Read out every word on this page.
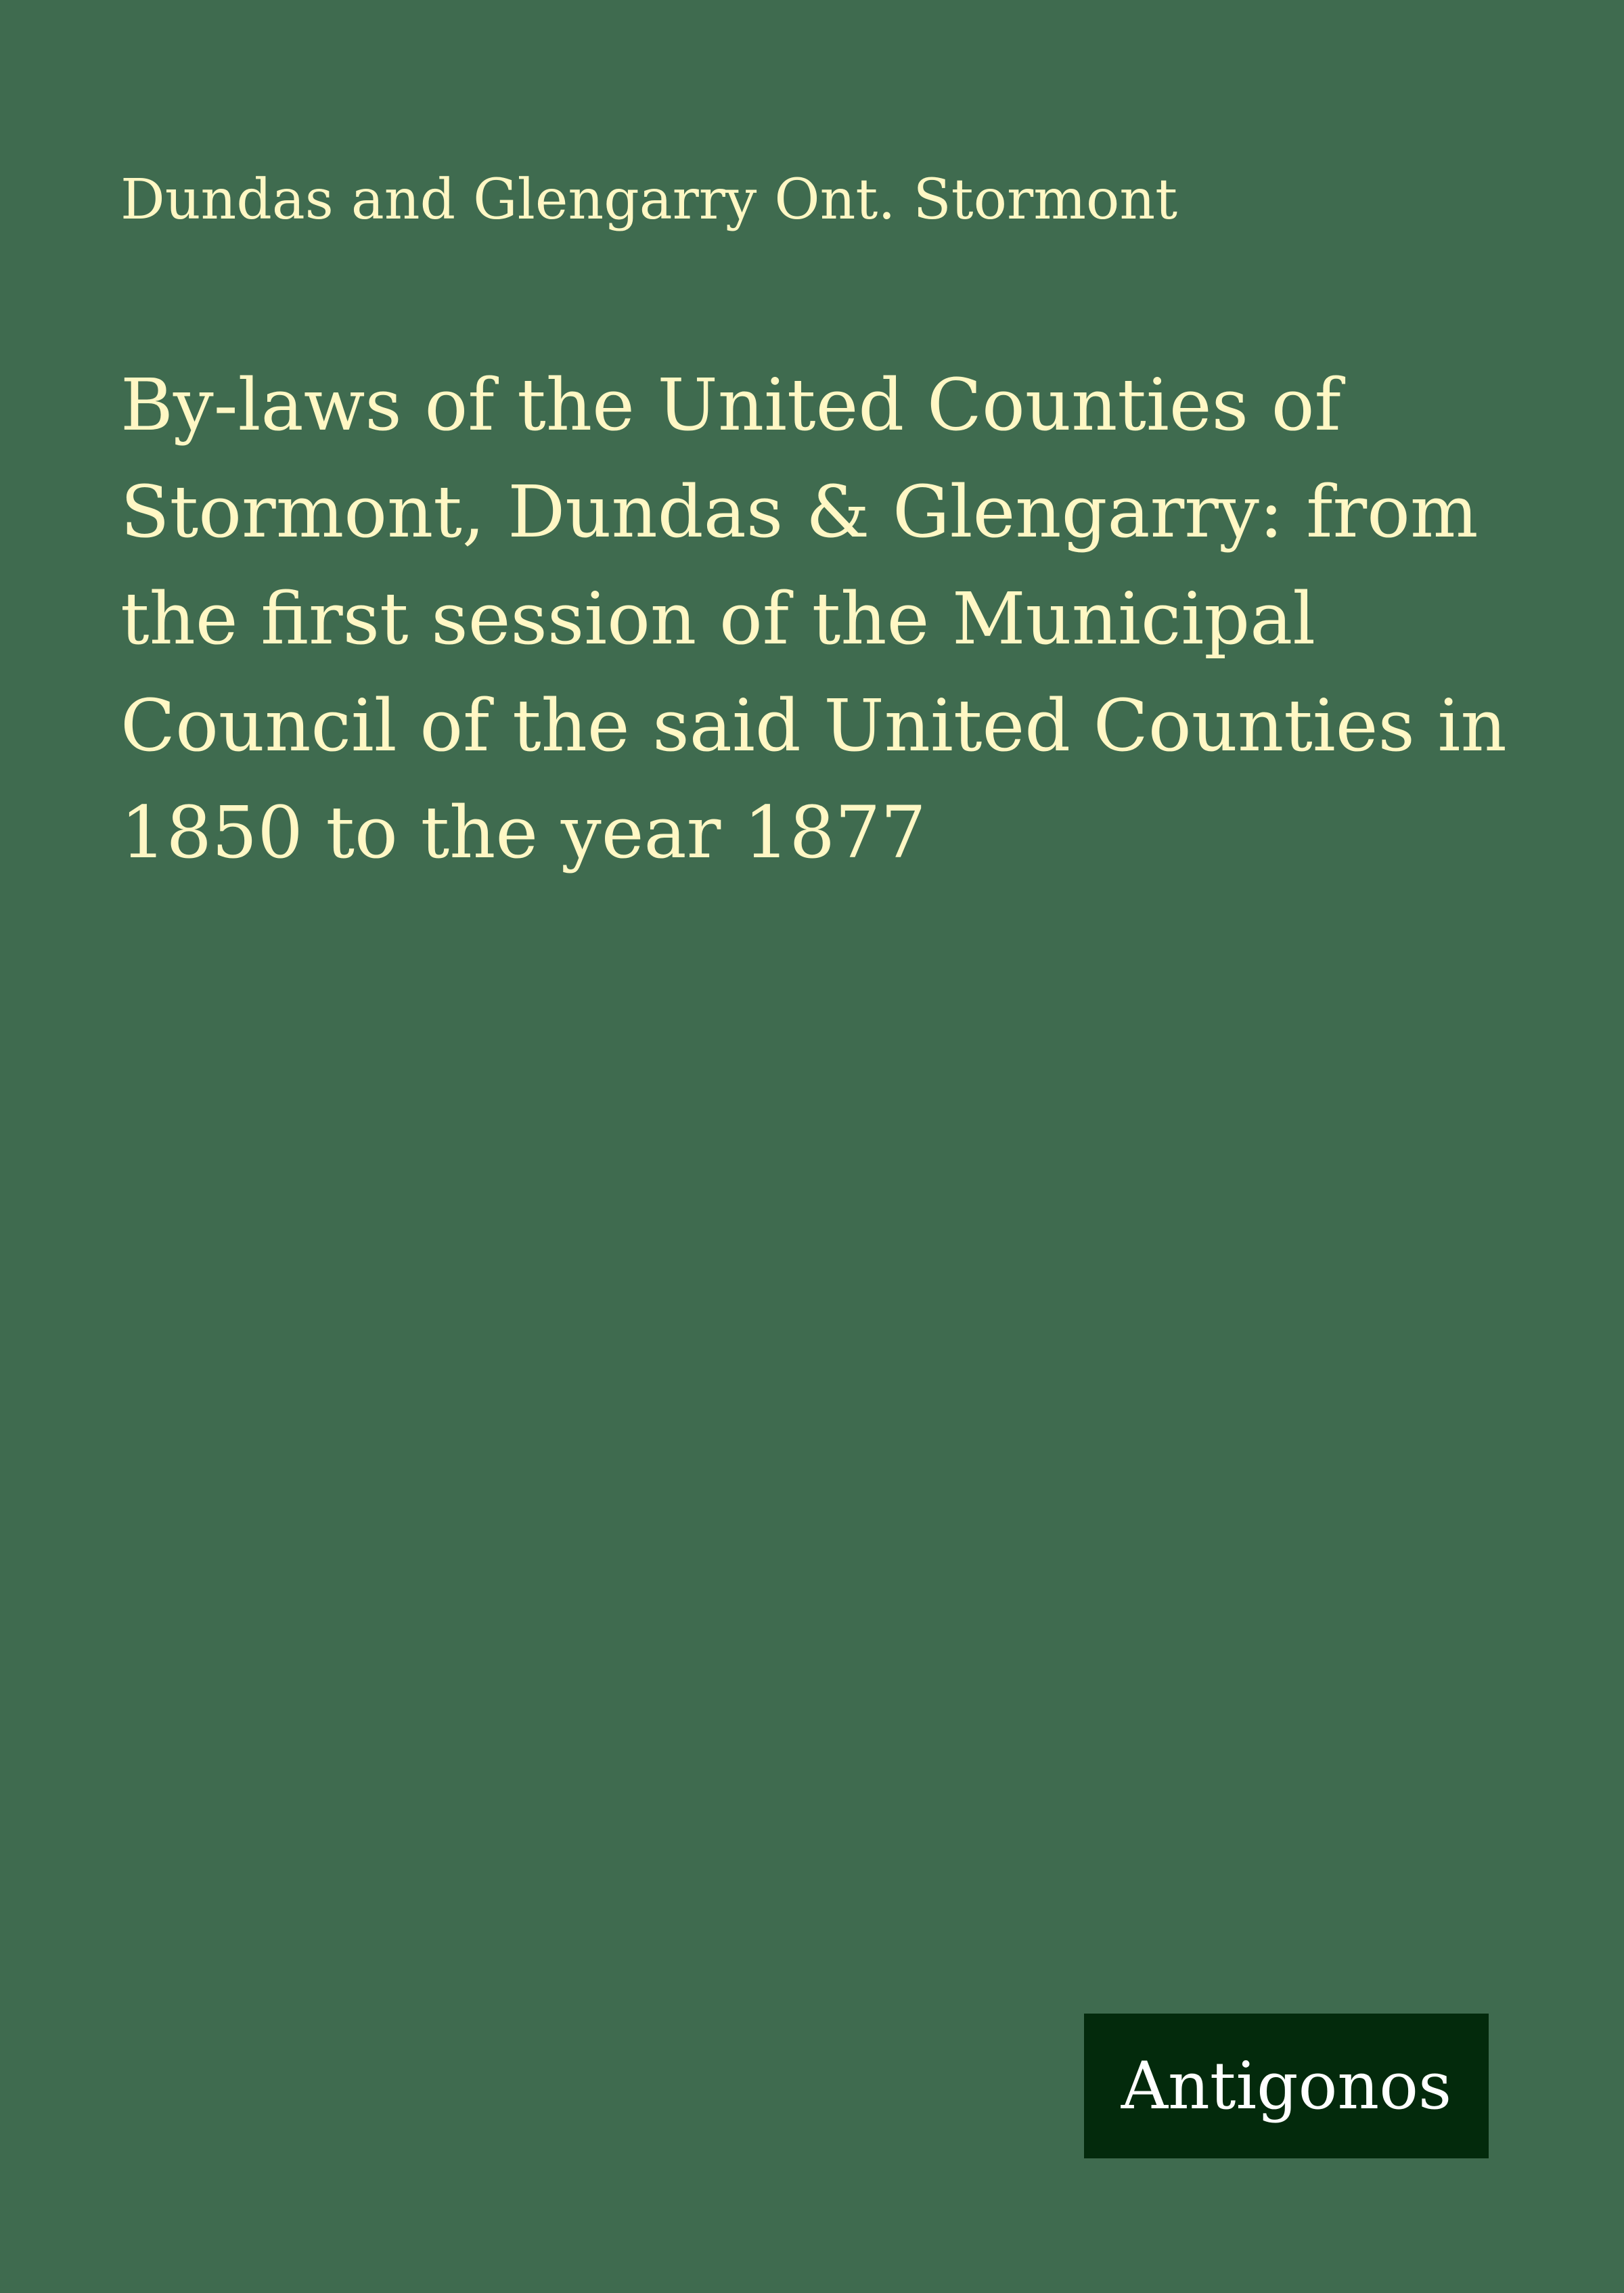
Dundas and Glengarry Ont. Stormont
By-laws of the United Counties of Stormont, Dundas & Glengarry: from the first session of the Municipal Council of the said United Counties in 1850 to the year 1877
Antigonos
